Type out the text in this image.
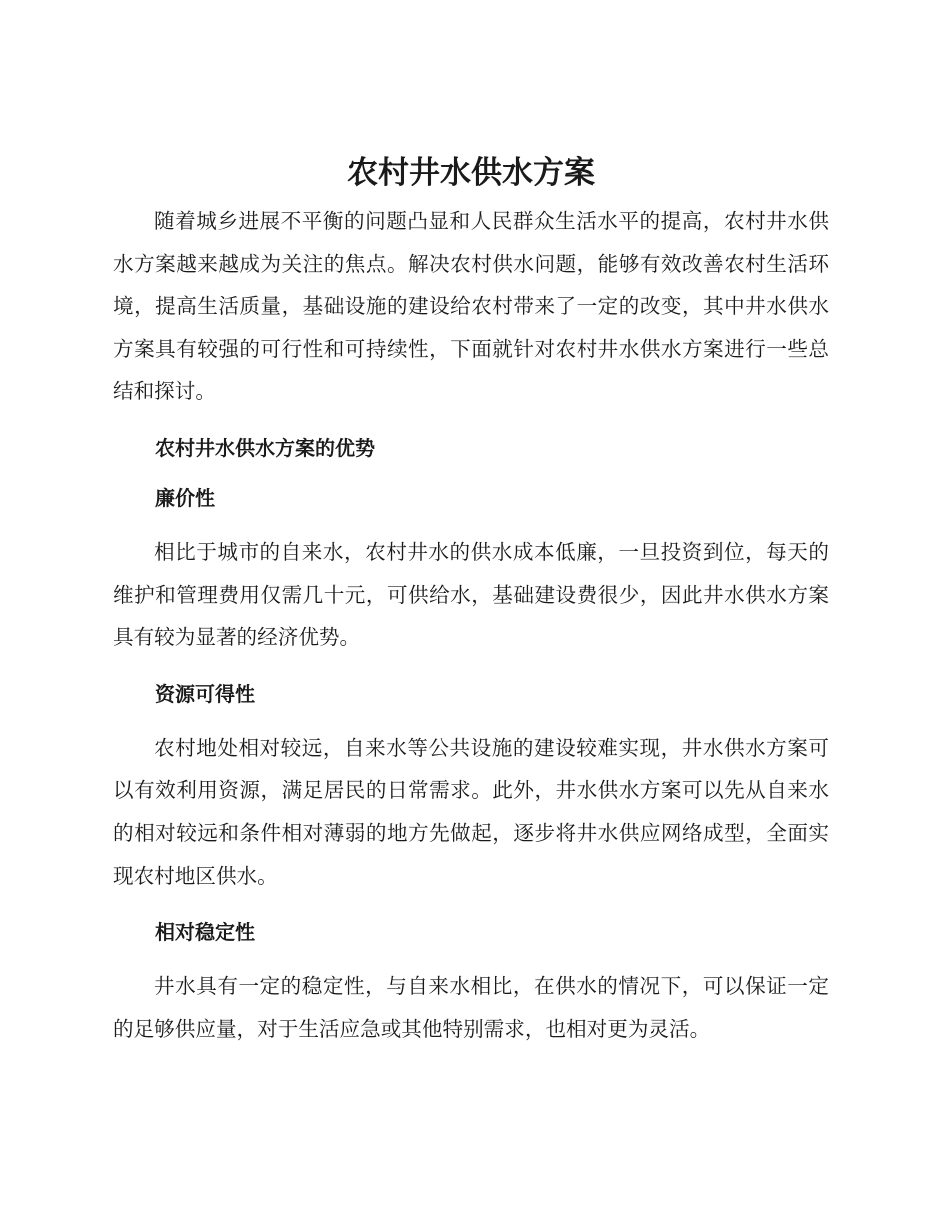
农村井水供水方案

随着城乡进展不平衡的问题凸显和人民群众生活水平的提高，农村井水供水方案越来越成为关注的焦点。解决农村供水问题，能够有效改善农村生活环境，提高生活质量，基础设施的建设给农村带来了一定的改变，其中井水供水方案具有较强的可行性和可持续性，下面就针对农村井水供水方案进行一些总结和探讨。

农村井水供水方案的优势
廉价性

相比于城市的自来水，农村井水的供水成本低廉，一旦投资到位，每天的维护和管理费用仅需几十元，可供给水，基础建设费很少，因此井水供水方案具有较为显著的经济优势。

资源可得性

农村地处相对较远，自来水等公共设施的建设较难实现，井水供水方案可以有效利用资源，满足居民的日常需求。此外，井水供水方案可以先从自来水的相对较远和条件相对薄弱的地方先做起，逐步将井水供应网络成型，全面实现农村地区供水。

相对稳定性

井水具有一定的稳定性，与自来水相比，在供水的情况下，可以保证一定的足够供应量，对于生活应急或其他特别需求，也相对更为灵活。
